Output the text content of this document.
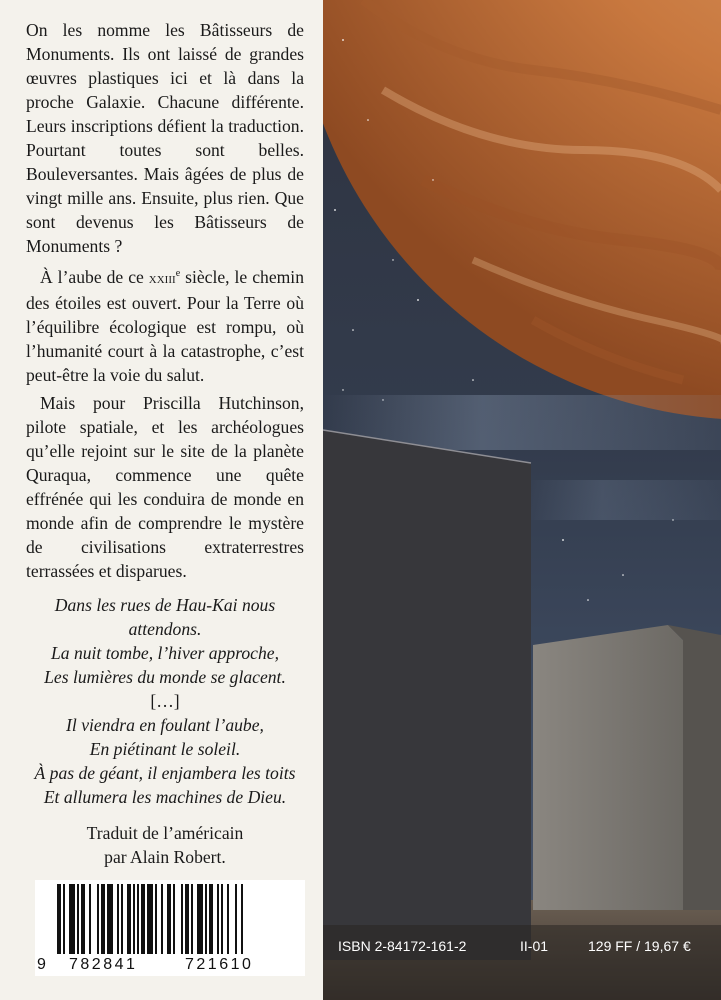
On les nomme les Bâtisseurs de Monuments. Ils ont laissé de grandes œuvres plastiques ici et là dans la proche Galaxie. Chacune différente. Leurs inscriptions défient la traduction. Pourtant toutes sont belles. Bouleversantes. Mais âgées de plus de vingt mille ans. Ensuite, plus rien. Que sont devenus les Bâtisseurs de Monuments ?

À l’aube de ce xxiii$^e$ siècle, le chemin des étoiles est ouvert. Pour la Terre où l’équilibre écologique est rompu, où l’humanité court à la catastrophe, c’est peut-être la voie du salut.

Mais pour Priscilla Hutchinson, pilote spatiale, et les archéologues qu’elle rejoint sur le site de la planète Quraqua, commence une quête effrénée qui les conduira de monde en monde afin de comprendre le mystère de civilisations extraterrestres terrassées et disparues.

Dans les rues de Hau-Kai nous attendons.
La nuit tombe, l’hiver approche,
Les lumières du monde se glacent.
[…]
Il viendra en foulant l’aube,
En piétinant le soleil.
À pas de géant, il enjambera les toits
Et allumera les machines de Dieu.
Traduit de l’américain
par Alain Robert.
9 782841	721610
ISBN 2-84172-161-2	II-01	129 FF / 19,67 €
